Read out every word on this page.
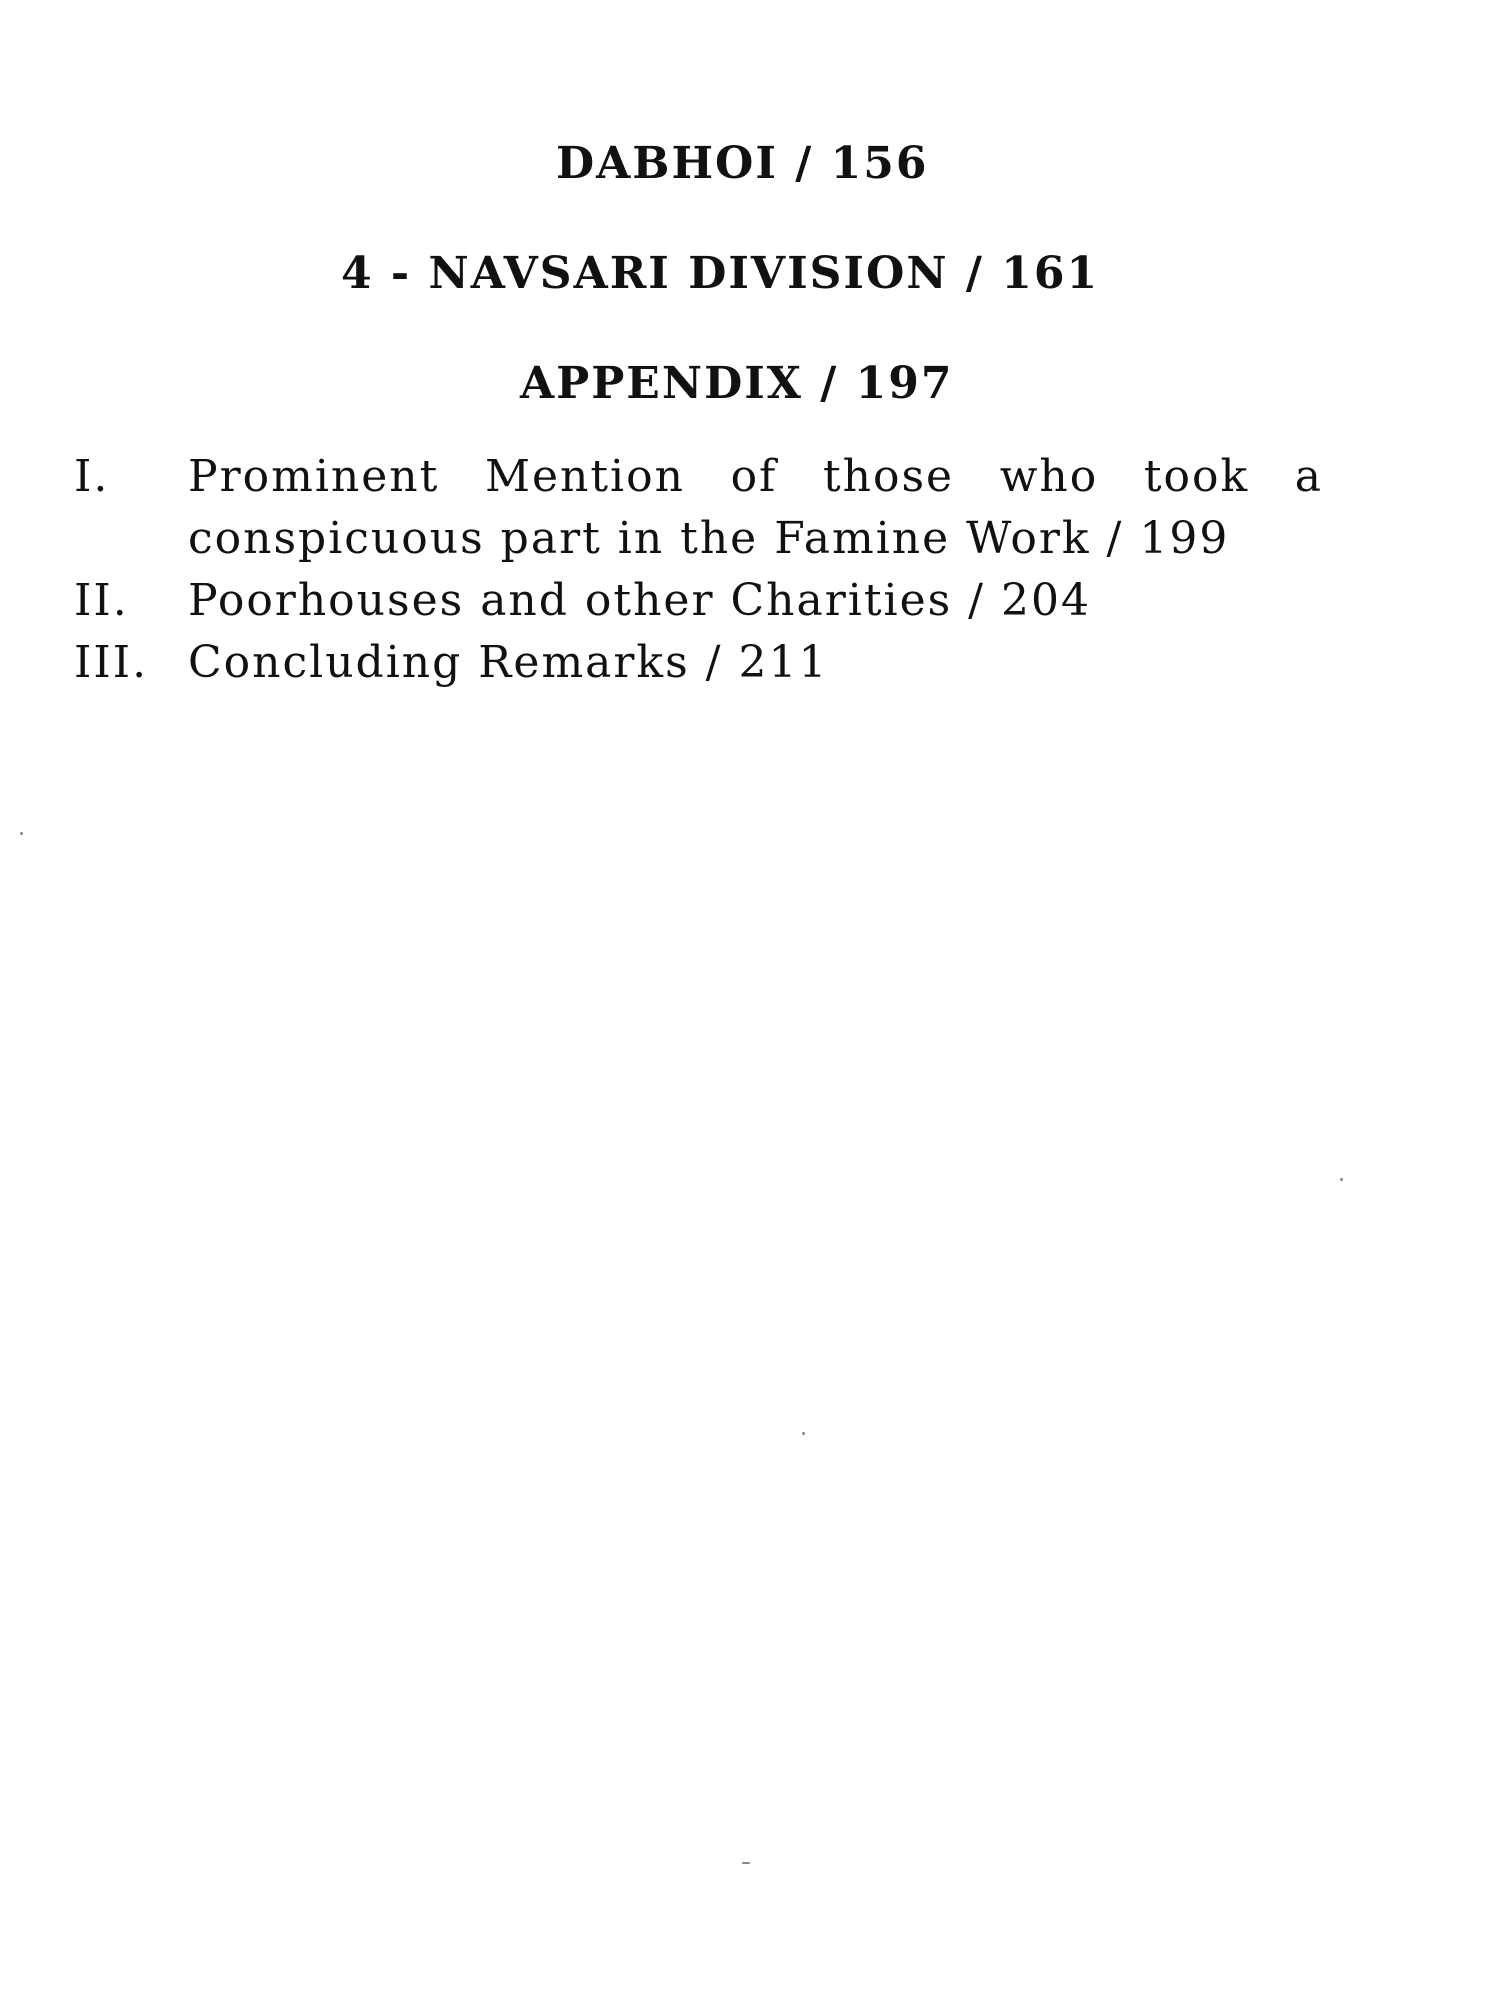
DABHOI / 156
4 - NAVSARI DIVISION / 161
APPENDIX / 197
I.	Prominent Mention of those who took a
conspicuous part in the Famine Work / 199
II.	Poorhouses and other Charities / 204
III. Concluding Remarks / 211
